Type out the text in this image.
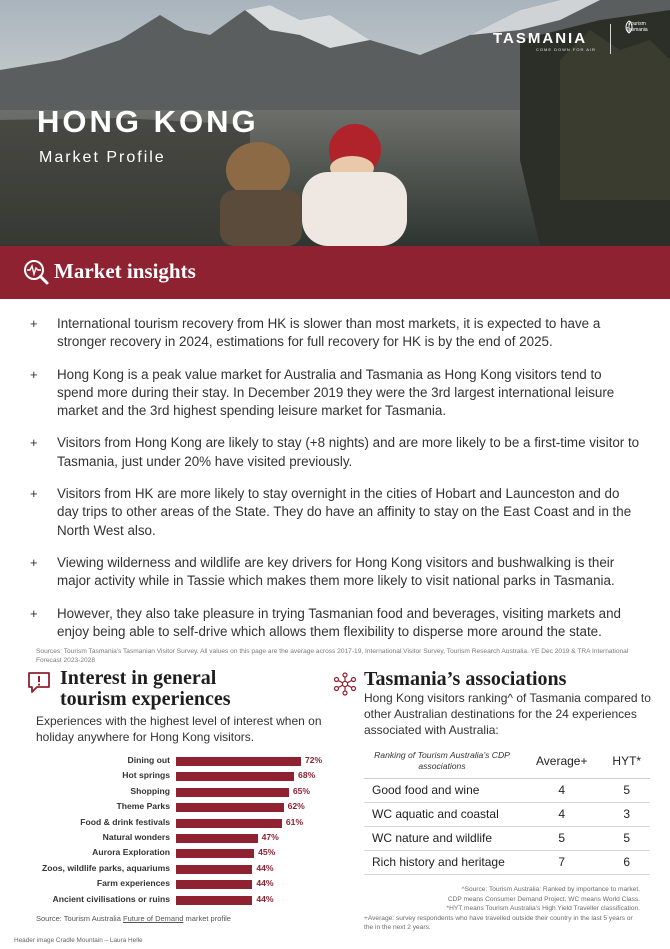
HONG KONG
Market Profile
TASMANIA
COME DOWN FOR AIR
Tourism Tasmania
Market insights
+ International tourism recovery from HK is slower than most markets, it is expected to have a stronger recovery in 2024, estimations for full recovery for HK is by the end of 2025.
+ Hong Kong is a peak value market for Australia and Tasmania as Hong Kong visitors tend to spend more during their stay. In December 2019 they were the 3rd largest international leisure market and the 3rd highest spending leisure market for Tasmania.
+ Visitors from Hong Kong are likely to stay (+8 nights) and are more likely to be a first-time visitor to Tasmania, just under 20% have visited previously.
+ Visitors from HK are more likely to stay overnight in the cities of Hobart and Launceston and do day trips to other areas of the State. They do have an affinity to stay on the East Coast and in the North West also.
+ Viewing wilderness and wildlife are key drivers for Hong Kong visitors and bushwalking is their major activity while in Tassie which makes them more likely to visit national parks in Tasmania.
+ However, they also take pleasure in trying Tasmanian food and beverages, visiting markets and enjoy being able to self-drive which allows them flexibility to disperse more around the state.
Sources: Tourism Tasmania's Tasmanian Visitor Survey. All values on this page are the average across 2017-19, International Visitor Survey, Tourism Research Australia. YE Dec 2019 & TRA International Forecast 2023-2028
Interest in general
tourism experiences
Experiences with the highest level of interest when on holiday anywhere for Hong Kong visitors.
Dining out	72%
Hot springs	68%
Shopping	65%
Theme Parks	62%
Food & drink festivals	61%
Natural wonders	47%
Aurora Exploration	45%
Zoos, wildlife parks, aquariums	44%
Farm experiences	44%
Ancient civilisations or ruins	44%
Source: Tourism Australia Future of Demand market profile
Header image Cradle Mountain – Laura Helle
Tasmania’s associations
Hong Kong visitors ranking^ of Tasmania compared to other Australian destinations for the 24 experiences associated with Australia:
Ranking of Tourism Australia’s CDP associations	Average+	HYT*
Good food and wine	4	5
WC aquatic and coastal	4	3
WC nature and wildlife	5	5
Rich history and heritage	7	6
^Source: Tourism Australia: Ranked by importance to market.
CDP means Consumer Demand Project. WC means World Class.
*HYT means Tourism Australia’s High Yield Traveller classification.
+Average: survey respondents who have travelled outside their country in the last 5 years or the in the next 2 years.
